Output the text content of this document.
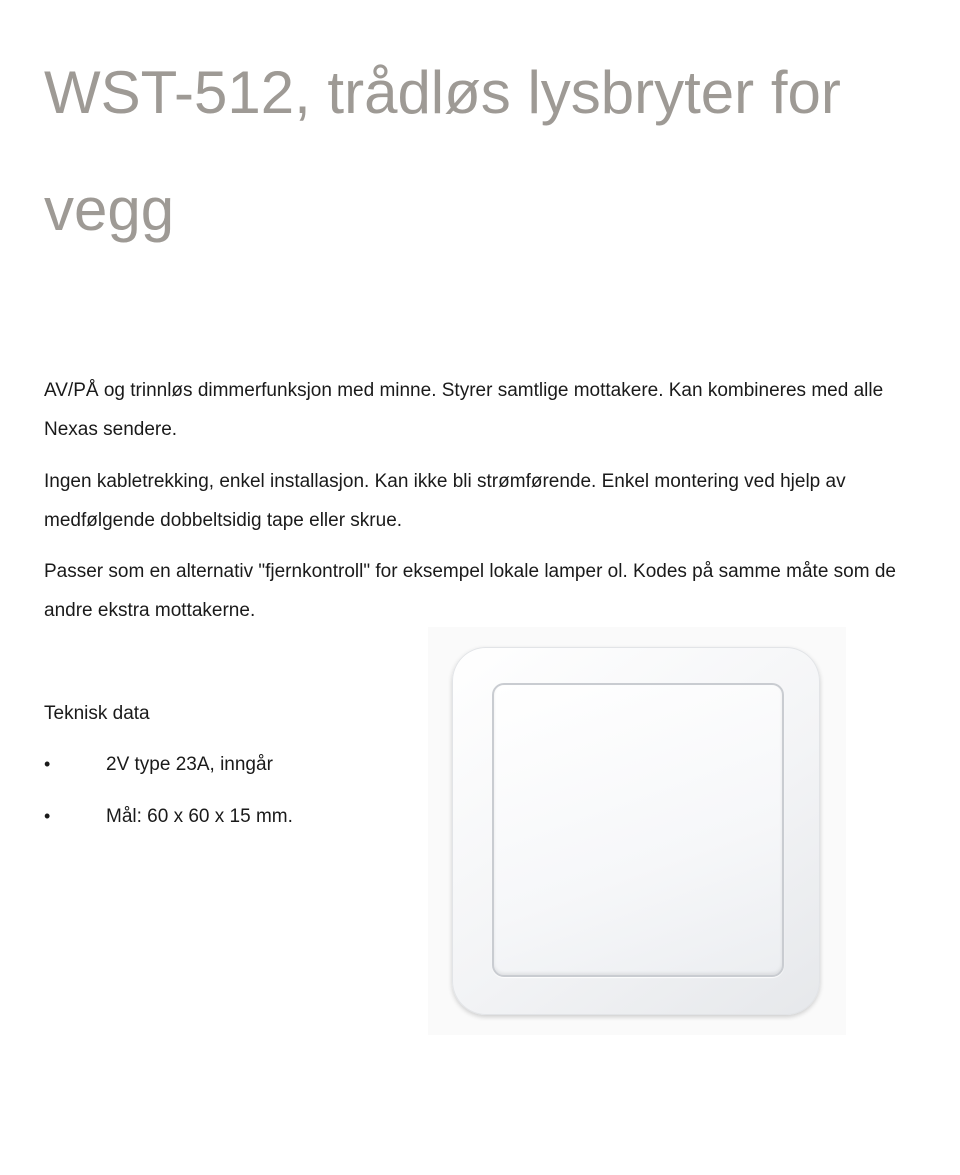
WST-512, trådløs lysbryter for vegg

AV/PÅ og trinnløs dimmerfunksjon med minne. Styrer samtlige mottakere. Kan kombineres med alle Nexas sendere.

Ingen kabletrekking, enkel installasjon. Kan ikke bli strømførende. Enkel montering ved hjelp av medfølgende dobbeltsidig tape eller skrue.

Passer som en alternativ "fjernkontroll" for eksempel lokale lamper ol. Kodes på samme måte som de andre ekstra mottakerne.

Teknisk data
•	2V type 23A, inngår
•	Mål: 60 x 60 x 15 mm.
